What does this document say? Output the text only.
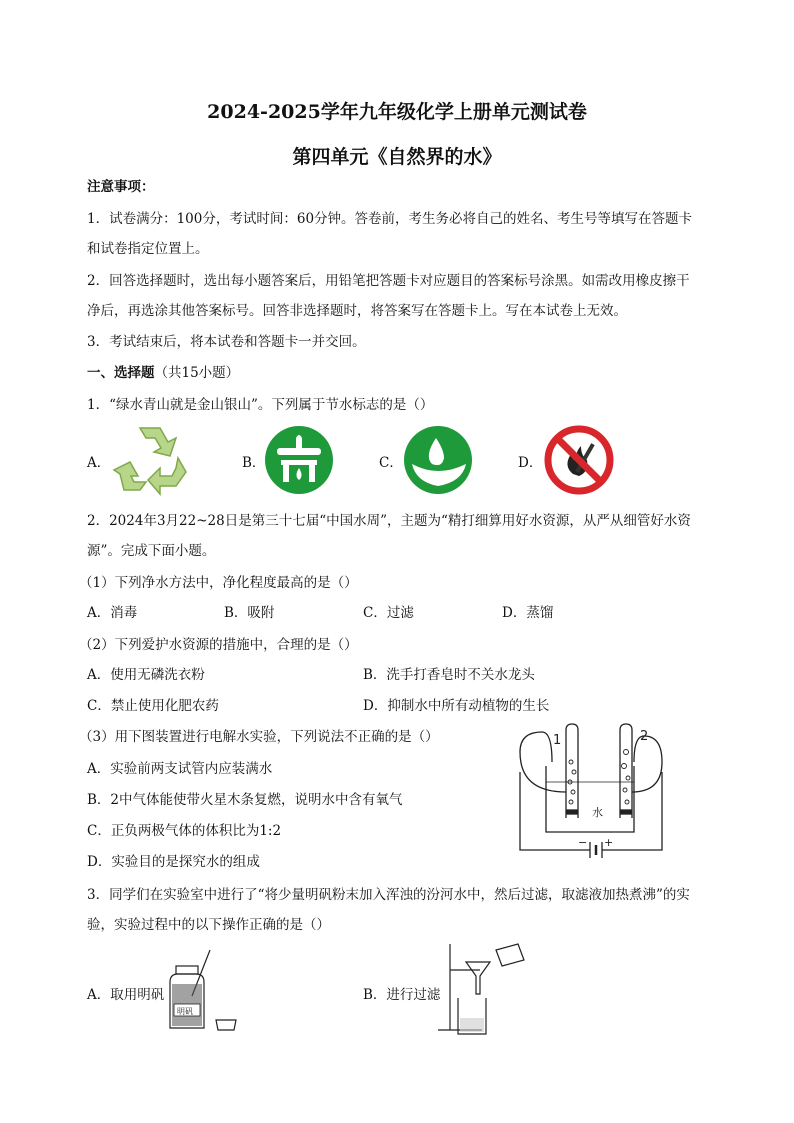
2024-2025学年九年级化学上册单元测试卷
第四单元《自然界的水》
注意事项：
1．试卷满分：100分，考试时间：60分钟。答卷前，考生务必将自己的姓名、考生号等填写在答题卡
和试卷指定位置上。
2．回答选择题时，选出每小题答案后，用铅笔把答题卡对应题目的答案标号涂黑。如需改用橡皮擦干
净后，再选涂其他答案标号。回答非选择题时，将答案写在答题卡上。写在本试卷上无效。
3．考试结束后，将本试卷和答题卡一并交回。
一、选择题（共15小题）
1．“绿水青山就是金山银山”。下列属于节水标志的是（）
A．	B．	C．	D．
2．2024年3月22~28日是第三十七届“中国水周”，主题为“精打细算用好水资源，从严从细管好水资
源”。完成下面小题。
（1）下列净水方法中，净化程度最高的是（）
A．消毒	B．吸附	C．过滤	D．蒸馏
（2）下列爱护水资源的措施中，合理的是（）
A．使用无磷洗衣粉	B．洗手打香皂时不关水龙头
C．禁止使用化肥农药	D．抑制水中所有动植物的生长
（3）用下图装置进行电解水实验，下列说法不正确的是（）
A．实验前两支试管内应装满水
B．2中气体能使带火星木条复燃，说明水中含有氧气
C．正负两极气体的体积比为1:2
D．实验目的是探究水的组成
1	2
水
− +
3．同学们在实验室中进行了“将少量明矾粉末加入浑浊的汾河水中，然后过滤，取滤液加热煮沸”的实
验，实验过程中的以下操作正确的是（）
A．取用明矾
明矾
B．进行过滤
